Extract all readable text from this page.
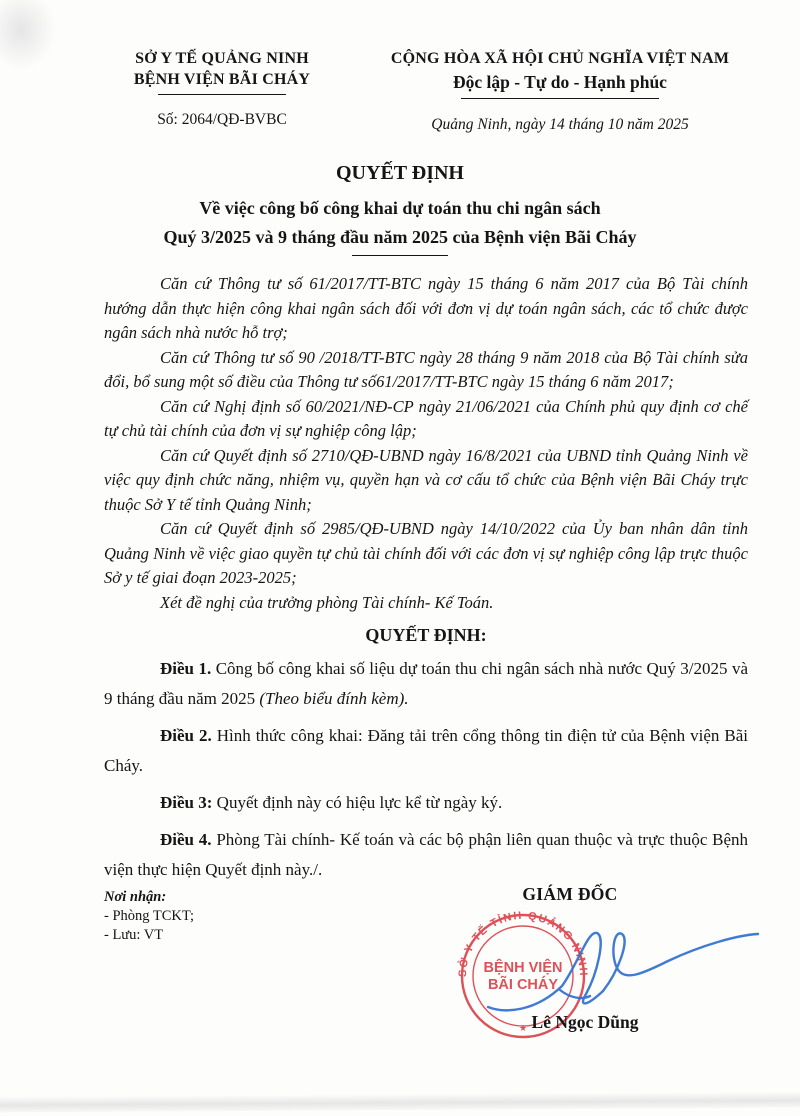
SỞ Y TẾ QUẢNG NINH
BỆNH VIỆN BÃI CHÁY
Số: 2064/QĐ-BVBC
CỘNG HÒA XÃ HỘI CHỦ NGHĨA VIỆT NAM
Độc lập - Tự do - Hạnh phúc
Quảng Ninh, ngày 14 tháng 10 năm 2025
QUYẾT ĐỊNH
Về việc công bố công khai dự toán thu chi ngân sách
Quý 3/2025 và 9 tháng đầu năm 2025 của Bệnh viện Bãi Cháy

Căn cứ Thông tư số 61/2017/TT-BTC ngày 15 tháng 6 năm 2017 của Bộ Tài chính hướng dẫn thực hiện công khai ngân sách đối với đơn vị dự toán ngân sách, các tổ chức được ngân sách nhà nước hỗ trợ;

Căn cứ Thông tư số 90 /2018/TT-BTC ngày 28 tháng 9 năm 2018 của Bộ Tài chính sửa đổi, bổ sung một số điều của Thông tư số61/2017/TT-BTC ngày 15 tháng 6 năm 2017;

Căn cứ Nghị định số 60/2021/NĐ-CP ngày 21/06/2021 của Chính phủ quy định cơ chế tự chủ tài chính của đơn vị sự nghiệp công lập;

Căn cứ Quyết định số 2710/QĐ-UBND ngày 16/8/2021 của UBND tỉnh Quảng Ninh về việc quy định chức năng, nhiệm vụ, quyền hạn và cơ cấu tổ chức của Bệnh viện Bãi Cháy trực thuộc Sở Y tế tỉnh Quảng Ninh;

Căn cứ Quyết định số 2985/QĐ-UBND ngày 14/10/2022 của Ủy ban nhân dân tỉnh Quảng Ninh về việc giao quyền tự chủ tài chính đối với các đơn vị sự nghiệp công lập trực thuộc Sở y tế giai đoạn 2023-2025;

Xét đề nghị của trưởng phòng Tài chính- Kế Toán.

QUYẾT ĐỊNH:

Điều 1. Công bố công khai số liệu dự toán thu chi ngân sách nhà nước Quý 3/2025 và 9 tháng đầu năm 2025 (Theo biểu đính kèm).

Điều 2. Hình thức công khai: Đăng tải trên cổng thông tin điện tử của Bệnh viện Bãi Cháy.

Điều 3: Quyết định này có hiệu lực kể từ ngày ký.

Điều 4. Phòng Tài chính- Kế toán và các bộ phận liên quan thuộc và trực thuộc Bệnh viện thực hiện Quyết định này./.

Nơi nhận:
- Phòng TCKT;
- Lưu: VT
GIÁM ĐỐC
SỞ Y TẾ TỈNH QUẢNG NINH
BỆNH VIỆN
BÃI CHÁY
★ Lê Ngọc Dũng
